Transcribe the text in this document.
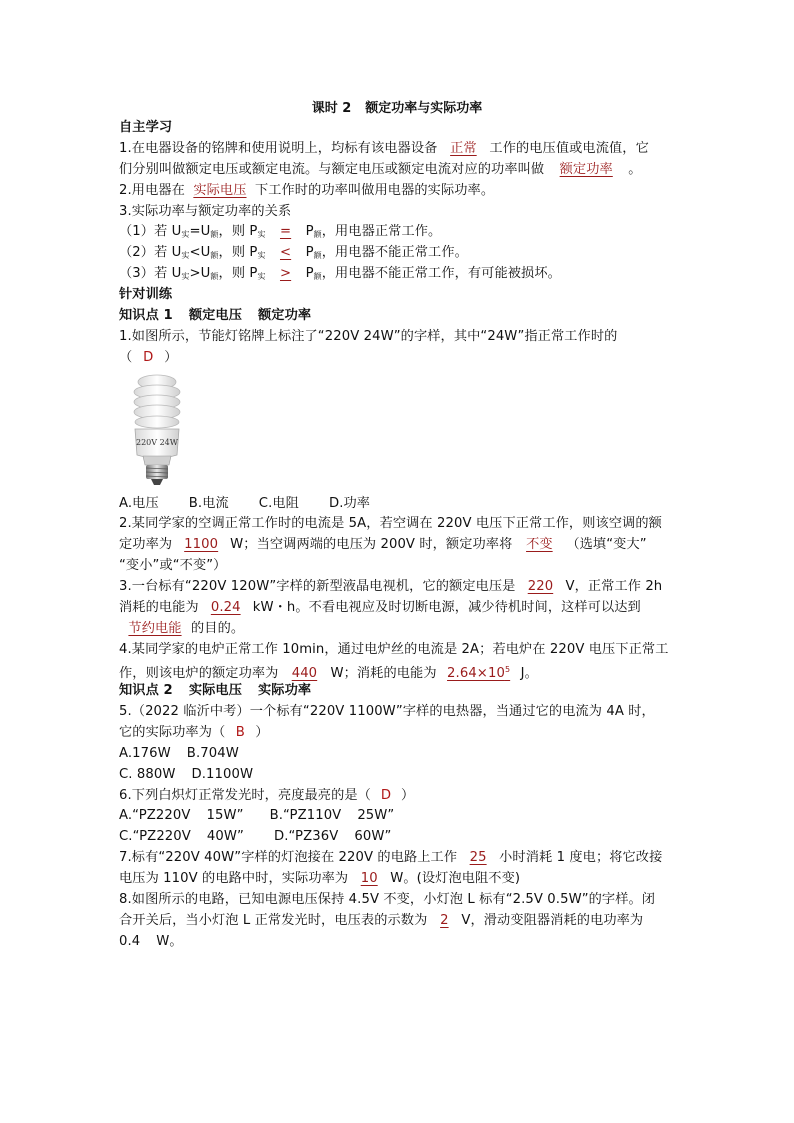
课时 2 额定功率与实际功率
自主学习
1.在电器设备的铭牌和使用说明上，均标有该电器设备 正常 工作的电压值或电流值，它
们分别叫做额定电压或额定电流。与额定电压或额定电流对应的功率叫做 额定功率 。
2.用电器在 实际电压 下工作时的功率叫做用电器的实际功率。
3.实际功率与额定功率的关系
（1）若 $U_实=U_额$，则 $P_实 = P_额$，用电器正常工作。
（2）若 $U_实<U_额$，则 $P_实 < P_额$，用电器不能正常工作。
（3）若 $U_实>U_额$，则 $P_实 > P_额$，用电器不能正常工作，有可能被损坏。
针对训练
知识点 1 额定电压 额定功率
1.如图所示，节能灯铭牌上标注了“220V 24W”的字样，其中“24W”指正常工作时的
（ D ）
220V 24W
A.电压 B.电流 C.电阻 D.功率
2.某同学家的空调正常工作时的电流是 5A，若空调在 220V 电压下正常工作，则该空调的额
定功率为 1100 W；当空调两端的电压为 200V 时，额定功率将 不变 （选填“变大”
“变小”或“不变”）
3.一台标有“220V 120W”字样的新型液晶电视机，它的额定电压是 220 V，正常工作 2h
消耗的电能为 0.24 kW・h。不看电视应及时切断电源，减少待机时间，这样可以达到
节约电能 的目的。
4.某同学家的电炉正常工作 10min，通过电炉丝的电流是 2A；若电炉在 220V 电压下正常工
作，则该电炉的额定功率为 440 W；消耗的电能为 $2.64\times 10^5$ J。
知识点 2 实际电压 实际功率
5.（2022 临沂中考）一个标有“220V 1100W”字样的电热器，当通过它的电流为 4A 时，
它的实际功率为（ B ）
A.176W B.704W
C. 880W D.1100W
6.下列白炽灯正常发光时，亮度最亮的是（ D ）
A.“PZ220V 15W” B.“PZ110V 25W”
C.“PZ220V 40W” D.“PZ36V 60W”
7.标有“220V 40W”字样的灯泡接在 220V 的电路上工作 25 小时消耗 1 度电；将它改接
电压为 110V 的电路中时，实际功率为 10 W。(设灯泡电阻不变)
8.如图所示的电路，已知电源电压保持 4.5V 不变，小灯泡 L 标有“2.5V 0.5W”的字样。闭
合开关后，当小灯泡 L 正常发光时，电压表的示数为 2 V，滑动变阻器消耗的电功率为
0.4 W。
